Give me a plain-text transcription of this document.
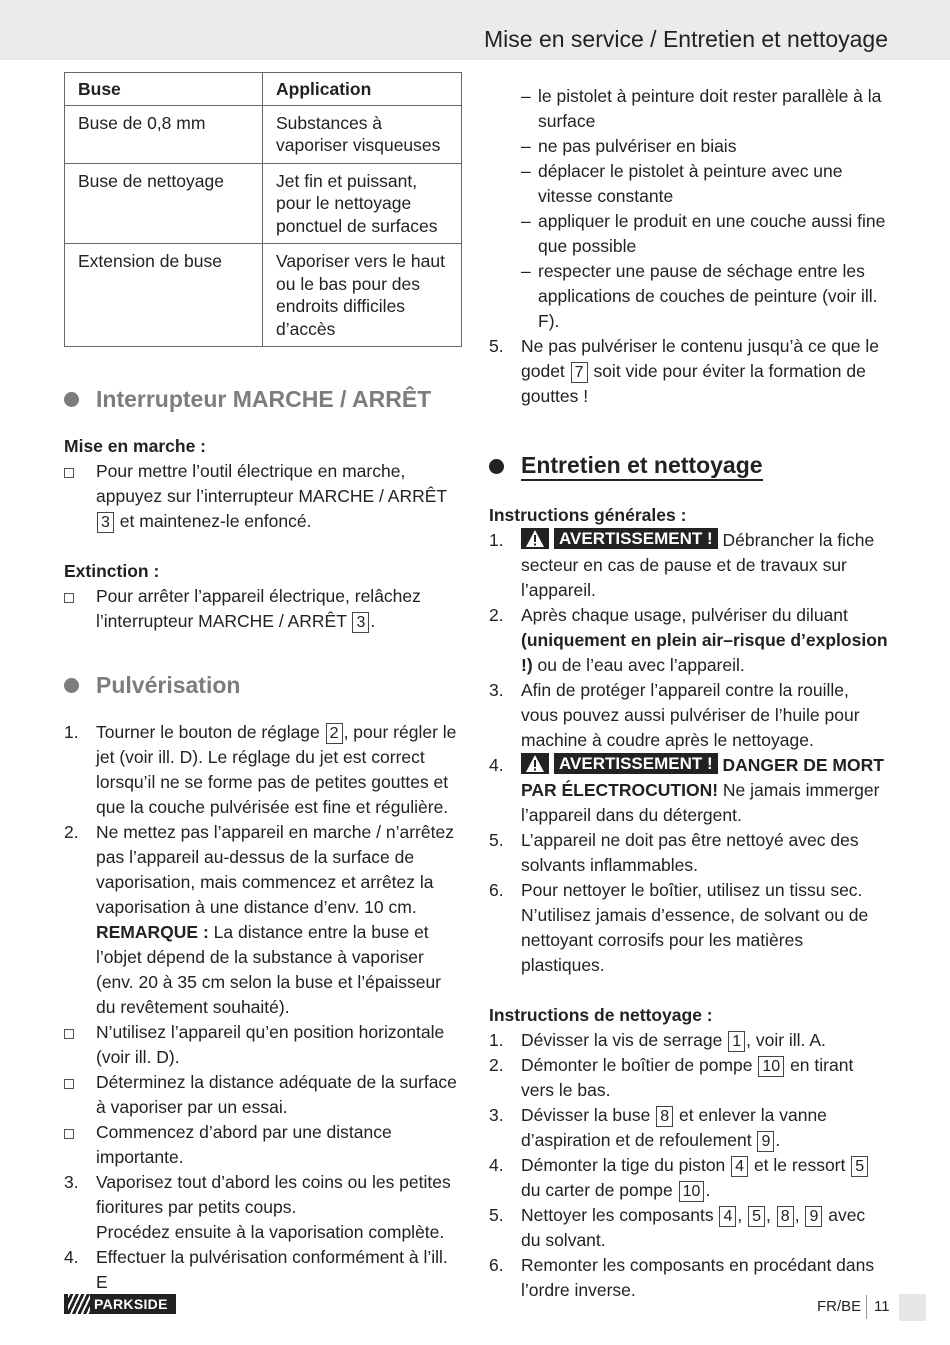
Mise en service / Entretien et nettoyage
Buse	Application
Buse de 0,8 mm	Substances à vaporiser visqueuses
Buse de nettoyage	Jet fin et puissant, pour le nettoyage ponctuel de surfaces
Extension de buse	Vaporiser vers le haut ou le bas pour des endroits difficiles d’accès
Interrupteur MARCHE / ARRÊT
Mise en marche :
Pour mettre l’outil électrique en marche, appuyez sur l’interrupteur MARCHE / ARRÊT 3 et maintenez-le enfoncé.
Extinction :
Pour arrêter l’appareil électrique, relâchez l’interrupteur MARCHE / ARRÊT 3 .
Pulvérisation
1. Tourner le bouton de réglage 2 , pour régler le jet (voir ill. D). Le réglage du jet est correct lorsqu’il ne se forme pas de petites gouttes et que la couche pulvérisée est fine et régulière.
2. Ne mettez pas l’appareil en marche / n’arrêtez pas l’appareil au-dessus de la surface de vaporisation, mais commencez et arrêtez la vaporisation à une distance d’env. 10 cm.
REMARQUE : La distance entre la buse et l’objet dépend de la substance à vaporiser (env. 20 à 35 cm selon la buse et l’épaisseur du revêtement souhaité).
N’utilisez l’appareil qu’en position horizontale (voir ill. D).
Déterminez la distance adéquate de la surface à vaporiser par un essai.
Commencez d’abord par une distance importante.
3. Vaporisez tout d’abord les coins ou les petites fioritures par petits coups.
Procédez ensuite à la vaporisation complète.
4. Effectuer la pulvérisation conformément à l’ill. E
– le pistolet à peinture doit rester parallèle à la surface
– ne pas pulvériser en biais
– déplacer le pistolet à peinture avec une vitesse constante
– appliquer le produit en une couche aussi fine que possible
– respecter une pause de séchage entre les applications de couches de peinture (voir ill. F).
5. Ne pas pulvériser le contenu jusqu’à ce que le godet 7 soit vide pour éviter la formation de gouttes !
Entretien et nettoyage
Instructions générales :
1.	AVERTISSEMENT ! Débrancher la fiche secteur en cas de pause et de travaux sur l’appareil.
2. Après chaque usage, pulvériser du diluant (uniquement en plein air–risque d’explosion !) ou de l’eau avec l’appareil.
3. Afin de protéger l’appareil contre la rouille, vous pouvez aussi pulvériser de l’huile pour machine à coudre après le nettoyage.
4.	AVERTISSEMENT ! DANGER DE MORT PAR ÉLECTROCUTION! Ne jamais immerger l’appareil dans du détergent.
5. L’appareil ne doit pas être nettoyé avec des solvants inflammables.
6. Pour nettoyer le boîtier, utilisez un tissu sec. N’utilisez jamais d’essence, de solvant ou de nettoyant corrosifs pour les matières plastiques.
Instructions de nettoyage :
1. Dévisser la vis de serrage 1 , voir ill. A.
2. Démonter le boîtier de pompe 10 en tirant vers le bas.
3. Dévisser la buse 8 et enlever la vanne d’aspiration et de refoulement 9 .
4. Démonter la tige du piston 4 et le ressort 5 du carter de pompe 10 .
5. Nettoyer les composants 4 , 5 , 8 , 9 avec du solvant.
6. Remonter les composants en procédant dans l’ordre inverse.
PARKSIDE	FR/BE 11
